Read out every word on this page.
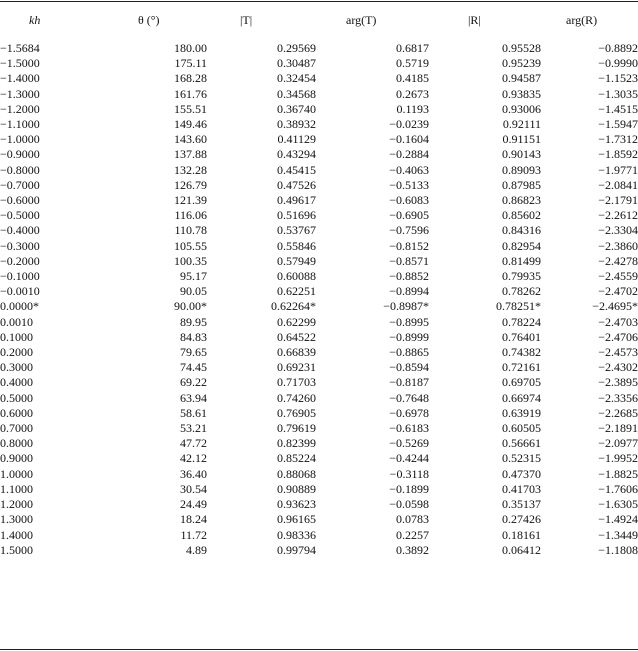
kh	θ (°)	|T|	arg(T)	|R|	arg(R)
−1.5684	180.00	0.29569	0.6817	0.95528	−0.8892
−1.5000	175.11	0.30487	0.5719	0.95239	−0.9990
−1.4000	168.28	0.32454	0.4185	0.94587	−1.1523
−1.3000	161.76	0.34568	0.2673	0.93835	−1.3035
−1.2000	155.51	0.36740	0.1193	0.93006	−1.4515
−1.1000	149.46	0.38932	−0.0239	0.92111	−1.5947
−1.0000	143.60	0.41129	−0.1604	0.91151	−1.7312
−0.9000	137.88	0.43294	−0.2884	0.90143	−1.8592
−0.8000	132.28	0.45415	−0.4063	0.89093	−1.9771
−0.7000	126.79	0.47526	−0.5133	0.87985	−2.0841
−0.6000	121.39	0.49617	−0.6083	0.86823	−2.1791
−0.5000	116.06	0.51696	−0.6905	0.85602	−2.2612
−0.4000	110.78	0.53767	−0.7596	0.84316	−2.3304
−0.3000	105.55	0.55846	−0.8152	0.82954	−2.3860
−0.2000	100.35	0.57949	−0.8571	0.81499	−2.4278
−0.1000	95.17	0.60088	−0.8852	0.79935	−2.4559
−0.0010	90.05	0.62251	−0.8994	0.78262	−2.4702
0.0000*	90.00*	0.62264*	−0.8987*	0.78251*	−2.4695*
0.0010	89.95	0.62299	−0.8995	0.78224	−2.4703
0.1000	84.83	0.64522	−0.8999	0.76401	−2.4706
0.2000	79.65	0.66839	−0.8865	0.74382	−2.4573
0.3000	74.45	0.69231	−0.8594	0.72161	−2.4302
0.4000	69.22	0.71703	−0.8187	0.69705	−2.3895
0.5000	63.94	0.74260	−0.7648	0.66974	−2.3356
0.6000	58.61	0.76905	−0.6978	0.63919	−2.2685
0.7000	53.21	0.79619	−0.6183	0.60505	−2.1891
0.8000	47.72	0.82399	−0.5269	0.56661	−2.0977
0.9000	42.12	0.85224	−0.4244	0.52315	−1.9952
1.0000	36.40	0.88068	−0.3118	0.47370	−1.8825
1.1000	30.54	0.90889	−0.1899	0.41703	−1.7606
1.2000	24.49	0.93623	−0.0598	0.35137	−1.6305
1.3000	18.24	0.96165	0.0783	0.27426	−1.4924
1.4000	11.72	0.98336	0.2257	0.18161	−1.3449
1.5000	4.89	0.99794	0.3892	0.06412	−1.1808
